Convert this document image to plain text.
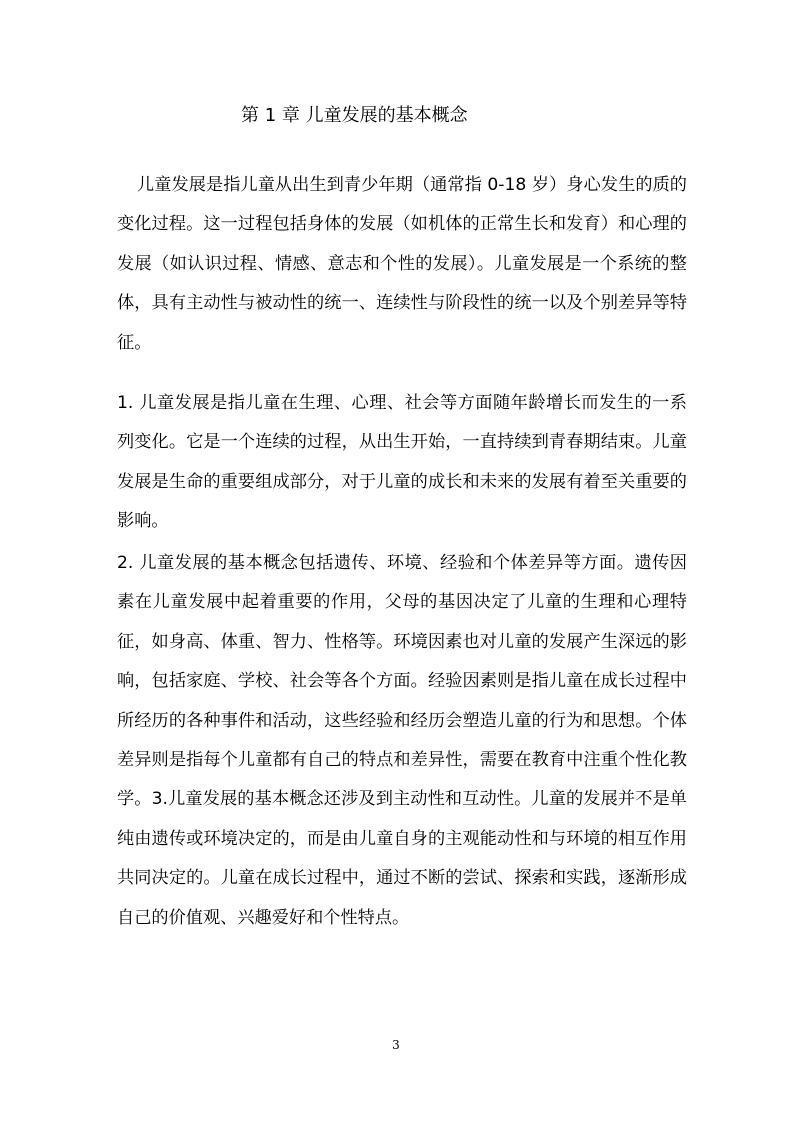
第 1 章 儿童发展的基本概念

儿童发展是指儿童从出生到青少年期（通常指 0-18 岁）身心发生的质的变化过程。这一过程包括身体的发展（如机体的正常生长和发育）和心理的发展（如认识过程、情感、意志和个性的发展）。儿童发展是一个系统的整体，具有主动性与被动性的统一、连续性与阶段性的统一以及个别差异等特征。

1. 儿童发展是指儿童在生理、心理、社会等方面随年龄增长而发生的一系列变化。它是一个连续的过程，从出生开始，一直持续到青春期结束。儿童发展是生命的重要组成部分，对于儿童的成长和未来的发展有着至关重要的影响。

2. 儿童发展的基本概念包括遗传、环境、经验和个体差异等方面。遗传因素在儿童发展中起着重要的作用，父母的基因决定了儿童的生理和心理特征，如身高、体重、智力、性格等。环境因素也对儿童的发展产生深远的影响，包括家庭、学校、社会等各个方面。经验因素则是指儿童在成长过程中所经历的各种事件和活动，这些经验和经历会塑造儿童的行为和思想。个体差异则是指每个儿童都有自己的特点和差异性，需要在教育中注重个性化教学。3.儿童发展的基本概念还涉及到主动性和互动性。儿童的发展并不是单纯由遗传或环境决定的，而是由儿童自身的主观能动性和与环境的相互作用共同决定的。儿童在成长过程中，通过不断的尝试、探索和实践，逐渐形成自己的价值观、兴趣爱好和个性特点。

3
